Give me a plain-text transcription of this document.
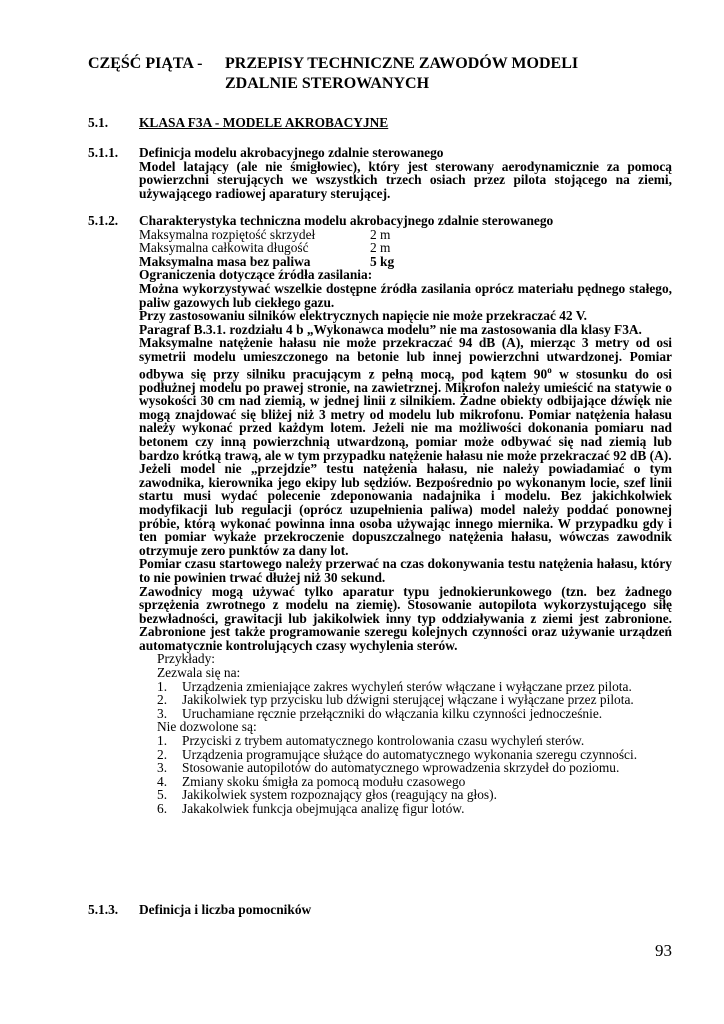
CZĘŚĆ PIĄTA - PRZEPISY TECHNICZNE ZAWODÓW MODELI
ZDALNIE STEROWANYCH
5.1. KLASA F3A - MODELE AKROBACYJNE
5.1.1. Definicja modelu akrobacyjnego zdalnie sterowanego
Model latający (ale nie śmigłowiec), który jest sterowany aerodynamicznie za pomocą powierzchni sterujących we wszystkich trzech osiach przez pilota stojącego na ziemi, używającego radiowej aparatury sterującej.
5.1.2. Charakterystyka techniczna modelu akrobacyjnego zdalnie sterowanego
Maksymalna rozpiętość skrzydeł	2 m
Maksymalna całkowita długość	2 m
Maksymalna masa bez paliwa	5 kg
Ograniczenia dotyczące źródła zasilania:
Można wykorzystywać wszelkie dostępne źródła zasilania oprócz materiału pędnego stałego, paliw gazowych lub ciekłego gazu.
Przy zastosowaniu silników elektrycznych napięcie nie może przekraczać 42 V.
Paragraf B.3.1. rozdziału 4 b „Wykonawca modelu” nie ma zastosowania dla klasy F3A.
Maksymalne natężenie hałasu nie może przekraczać 94 dB (A), mierząc 3 metry od osi symetrii modelu umieszczonego na betonie lub innej powierzchni utwardzonej. Pomiar odbywa się przy silniku pracującym z pełną mocą, pod kątem 90$^o$ w stosunku do osi podłużnej modelu po prawej stronie, na zawietrznej. Mikrofon należy umieścić na statywie o wysokości 30 cm nad ziemią, w jednej linii z silnikiem. Żadne obiekty odbijające dźwięk nie mogą znajdować się bliżej niż 3 metry od modelu lub mikrofonu. Pomiar natężenia hałasu należy wykonać przed każdym lotem. Jeżeli nie ma możliwości dokonania pomiaru nad betonem czy inną powierzchnią utwardzoną, pomiar może odbywać się nad ziemią lub bardzo krótką trawą, ale w tym przypadku natężenie hałasu nie może przekraczać 92 dB (A).
Jeżeli model nie „przejdzie” testu natężenia hałasu, nie należy powiadamiać o tym zawodnika, kierownika jego ekipy lub sędziów. Bezpośrednio po wykonanym locie, szef linii startu musi wydać polecenie zdeponowania nadajnika i modelu. Bez jakichkolwiek modyfikacji lub regulacji (oprócz uzupełnienia paliwa) model należy poddać ponownej próbie, którą wykonać powinna inna osoba używając innego miernika. W przypadku gdy i ten pomiar wykaże przekroczenie dopuszczalnego natężenia hałasu, wówczas zawodnik otrzymuje zero punktów za dany lot.
Pomiar czasu startowego należy przerwać na czas dokonywania testu natężenia hałasu, który to nie powinien trwać dłużej niż 30 sekund.
Zawodnicy mogą używać tylko aparatur typu jednokierunkowego (tzn. bez żadnego sprzężenia zwrotnego z modelu na ziemię). Stosowanie autopilota wykorzystującego siłę bezwładności, grawitacji lub jakikolwiek inny typ oddziaływania z ziemi jest zabronione. Zabronione jest także programowanie szeregu kolejnych czynności oraz używanie urządzeń automatycznie kontrolujących czasy wychylenia sterów.
Przykłady:
Zezwala się na:
1.	Urządzenia zmieniające zakres wychyleń sterów włączane i wyłączane przez pilota.
2.	Jakikolwiek typ przycisku lub dźwigni sterującej włączane i wyłączane przez pilota.
3.	Uruchamiane ręcznie przełączniki do włączania kilku czynności jednocześnie.
Nie dozwolone są:
1.	Przyciski z trybem automatycznego kontrolowania czasu wychyleń sterów.
2.	Urządzenia programujące służące do automatycznego wykonania szeregu czynności.
3.	Stosowanie autopilotów do automatycznego wprowadzenia skrzydeł do poziomu.
4.	Zmiany skoku śmigła za pomocą modułu czasowego
5.	Jakikolwiek system rozpoznający głos (reagujący na głos).
6.	Jakakolwiek funkcja obejmująca analizę figur lotów.
5.1.3. Definicja i liczba pomocników
93
